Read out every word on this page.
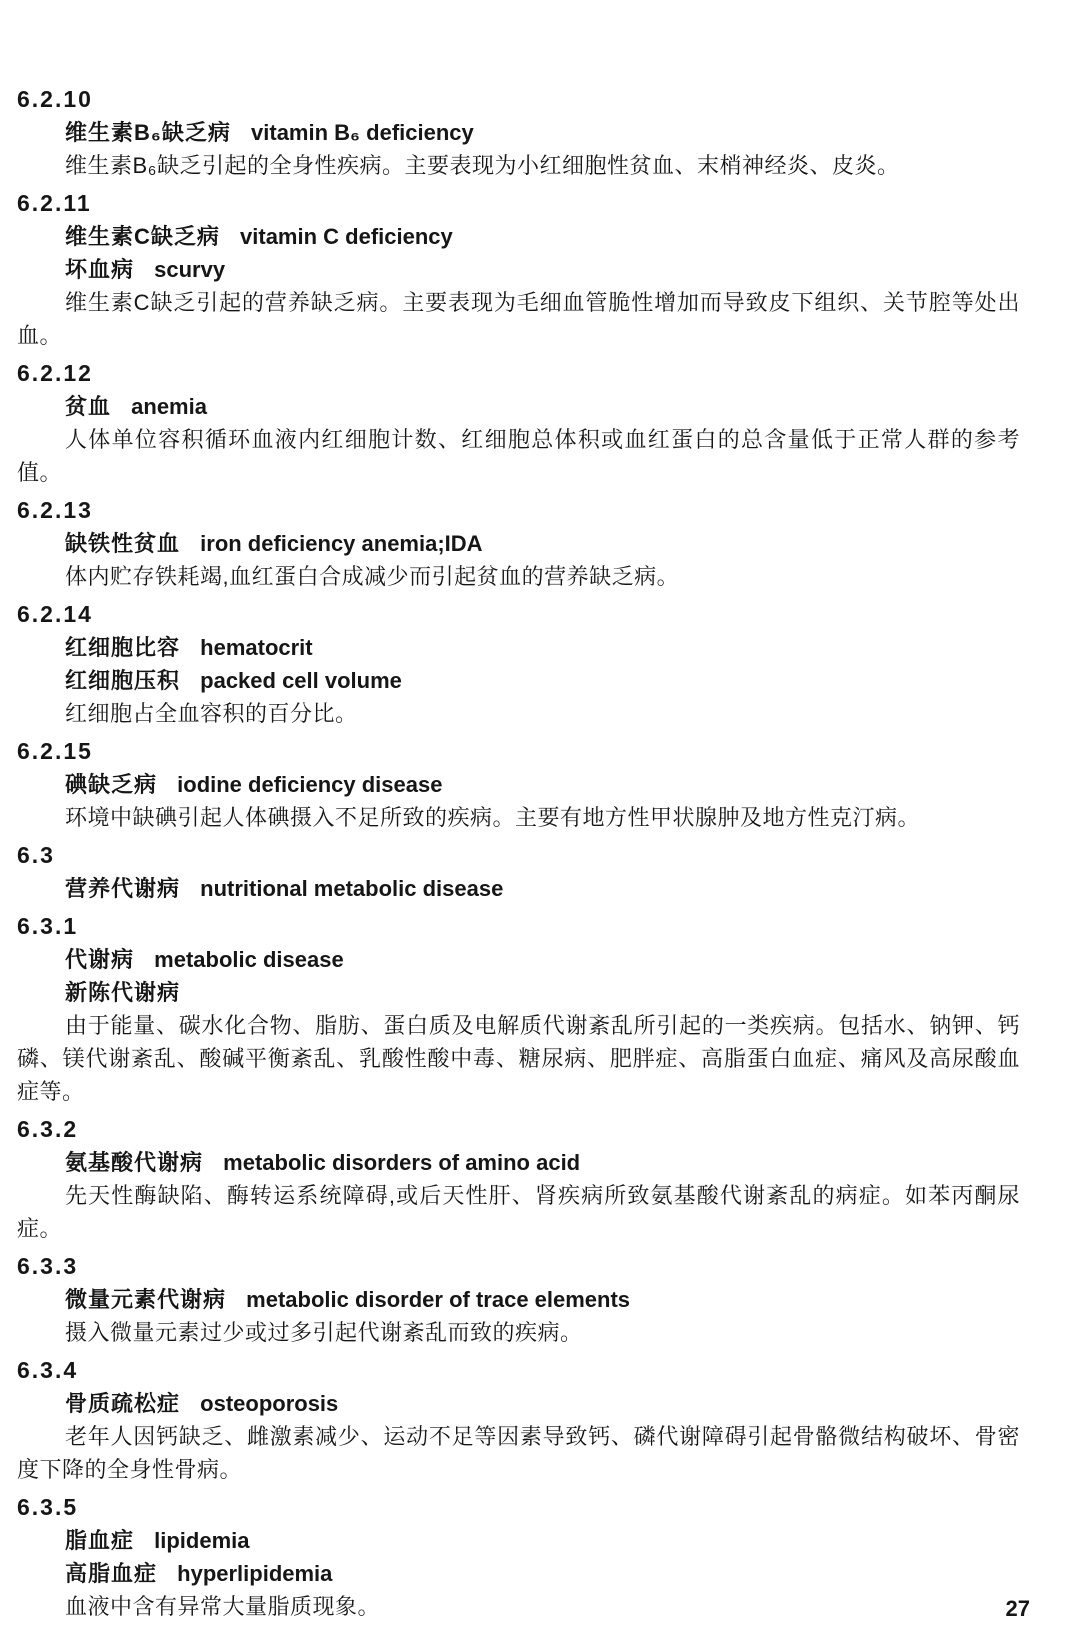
6.2.10
维生素B₆缺乏病 vitamin B₆ deficiency

维生素B₆缺乏引起的全身性疾病。主要表现为小红细胞性贫血、末梢神经炎、皮炎。

6.2.11
维生素C缺乏病 vitamin C deficiency
坏血病 scurvy

维生素C缺乏引起的营养缺乏病。主要表现为毛细血管脆性增加而导致皮下组织、关节腔等处出血。

6.2.12
贫血 anemia

人体单位容积循环血液内红细胞计数、红细胞总体积或血红蛋白的总含量低于正常人群的参考值。

6.2.13
缺铁性贫血 iron deficiency anemia;IDA

体内贮存铁耗竭,血红蛋白合成减少而引起贫血的营养缺乏病。

6.2.14
红细胞比容 hematocrit
红细胞压积 packed cell volume

红细胞占全血容积的百分比。

6.2.15
碘缺乏病 iodine deficiency disease

环境中缺碘引起人体碘摄入不足所致的疾病。主要有地方性甲状腺肿及地方性克汀病。

6.3
营养代谢病 nutritional metabolic disease
6.3.1
代谢病 metabolic disease
新陈代谢病

由于能量、碳水化合物、脂肪、蛋白质及电解质代谢紊乱所引起的一类疾病。包括水、钠钾、钙磷、镁代谢紊乱、酸碱平衡紊乱、乳酸性酸中毒、糖尿病、肥胖症、高脂蛋白血症、痛风及高尿酸血症等。

6.3.2
氨基酸代谢病 metabolic disorders of amino acid

先天性酶缺陷、酶转运系统障碍,或后天性肝、肾疾病所致氨基酸代谢紊乱的病症。如苯丙酮尿症。

6.3.3
微量元素代谢病 metabolic disorder of trace elements

摄入微量元素过少或过多引起代谢紊乱而致的疾病。

6.3.4
骨质疏松症 osteoporosis

老年人因钙缺乏、雌激素减少、运动不足等因素导致钙、磷代谢障碍引起骨骼微结构破坏、骨密度下降的全身性骨病。

6.3.5
脂血症 lipidemia
高脂血症 hyperlipidemia

血液中含有异常大量脂质现象。	27
